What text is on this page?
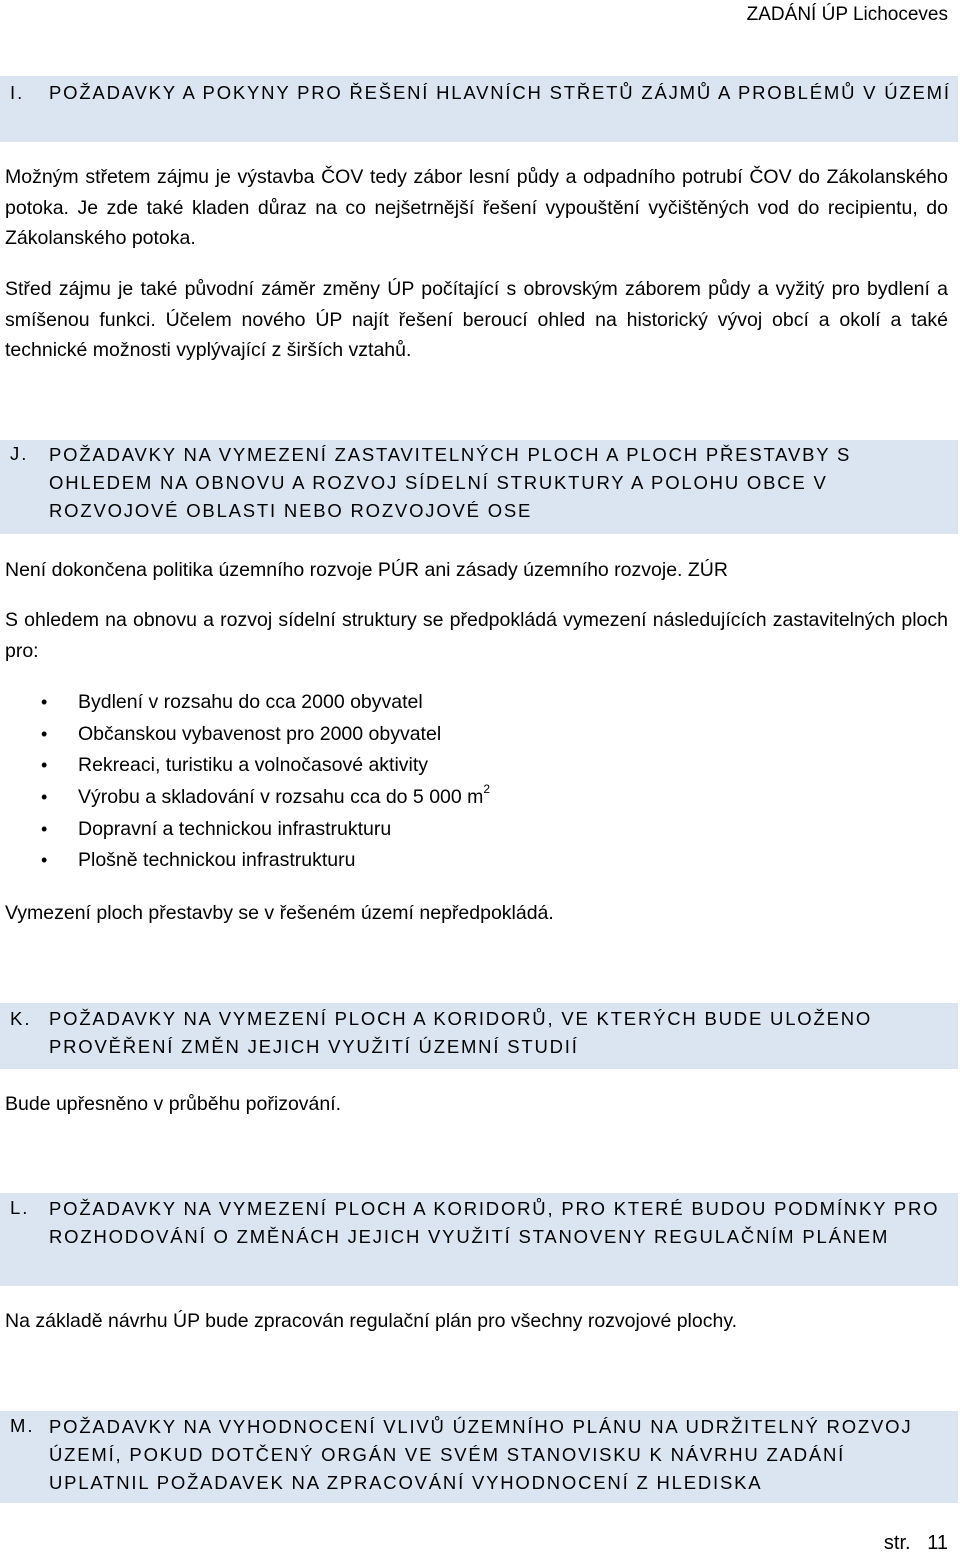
ZADÁNÍ ÚP Lichoceves
I. POŽADAVKY A POKYNY PRO ŘEŠENÍ HLAVNÍCH STŘETŮ ZÁJMŮ A PROBLÉMŮ V ÚZEMÍ
Možným střetem zájmu je výstavba ČOV tedy zábor lesní půdy a odpadního potrubí ČOV do Zákolanského potoka. Je zde také kladen důraz na co nejšetrnější řešení vypouštění vyčištěných vod do recipientu, do Zákolanského potoka.
Střed zájmu je také původní záměr změny ÚP počítající s obrovským záborem půdy a vyžitý pro bydlení a smíšenou funkci. Účelem nového ÚP najít řešení beroucí ohled na historický vývoj obcí a okolí a také technické možnosti vyplývající z širších vztahů.
J. POŽADAVKY NA VYMEZENÍ ZASTAVITELNÝCH PLOCH A PLOCH PŘESTAVBY S OHLEDEM NA OBNOVU A ROZVOJ SÍDELNÍ STRUKTURY A POLOHU OBCE V ROZVOJOVÉ OBLASTI NEBO ROZVOJOVÉ OSE
Není dokončena politika územního rozvoje PÚR ani zásady územního rozvoje. ZÚR
S ohledem na obnovu a rozvoj sídelní struktury se předpokládá vymezení následujících zastavitelných ploch pro:
• Bydlení v rozsahu do cca 2000 obyvatel
• Občanskou vybavenost pro 2000 obyvatel
• Rekreaci, turistiku a volnočasové aktivity
• Výrobu a skladování v rozsahu cca do 5 000 $m^2$
• Dopravní a technickou infrastrukturu
• Plošně technickou infrastrukturu
Vymezení ploch přestavby se v řešeném území nepředpokládá.
K. POŽADAVKY NA VYMEZENÍ PLOCH A KORIDORŮ, VE KTERÝCH BUDE ULOŽENO PROVĚŘENÍ ZMĚN JEJICH VYUŽITÍ ÚZEMNÍ STUDIÍ
Bude upřesněno v průběhu pořizování.
L. POŽADAVKY NA VYMEZENÍ PLOCH A KORIDORŮ, PRO KTERÉ BUDOU PODMÍNKY PRO ROZHODOVÁNÍ O ZMĚNÁCH JEJICH VYUŽITÍ STANOVENY REGULAČNÍM PLÁNEM
Na základě návrhu ÚP bude zpracován regulační plán pro všechny rozvojové plochy.
M. POŽADAVKY NA VYHODNOCENÍ VLIVŮ ÚZEMNÍHO PLÁNU NA UDRŽITELNÝ ROZVOJ ÚZEMÍ, POKUD DOTČENÝ ORGÁN VE SVÉM STANOVISKU K NÁVRHU ZADÁNÍ UPLATNIL POŽADAVEK NA ZPRACOVÁNÍ VYHODNOCENÍ Z HLEDISKA
str. 11
